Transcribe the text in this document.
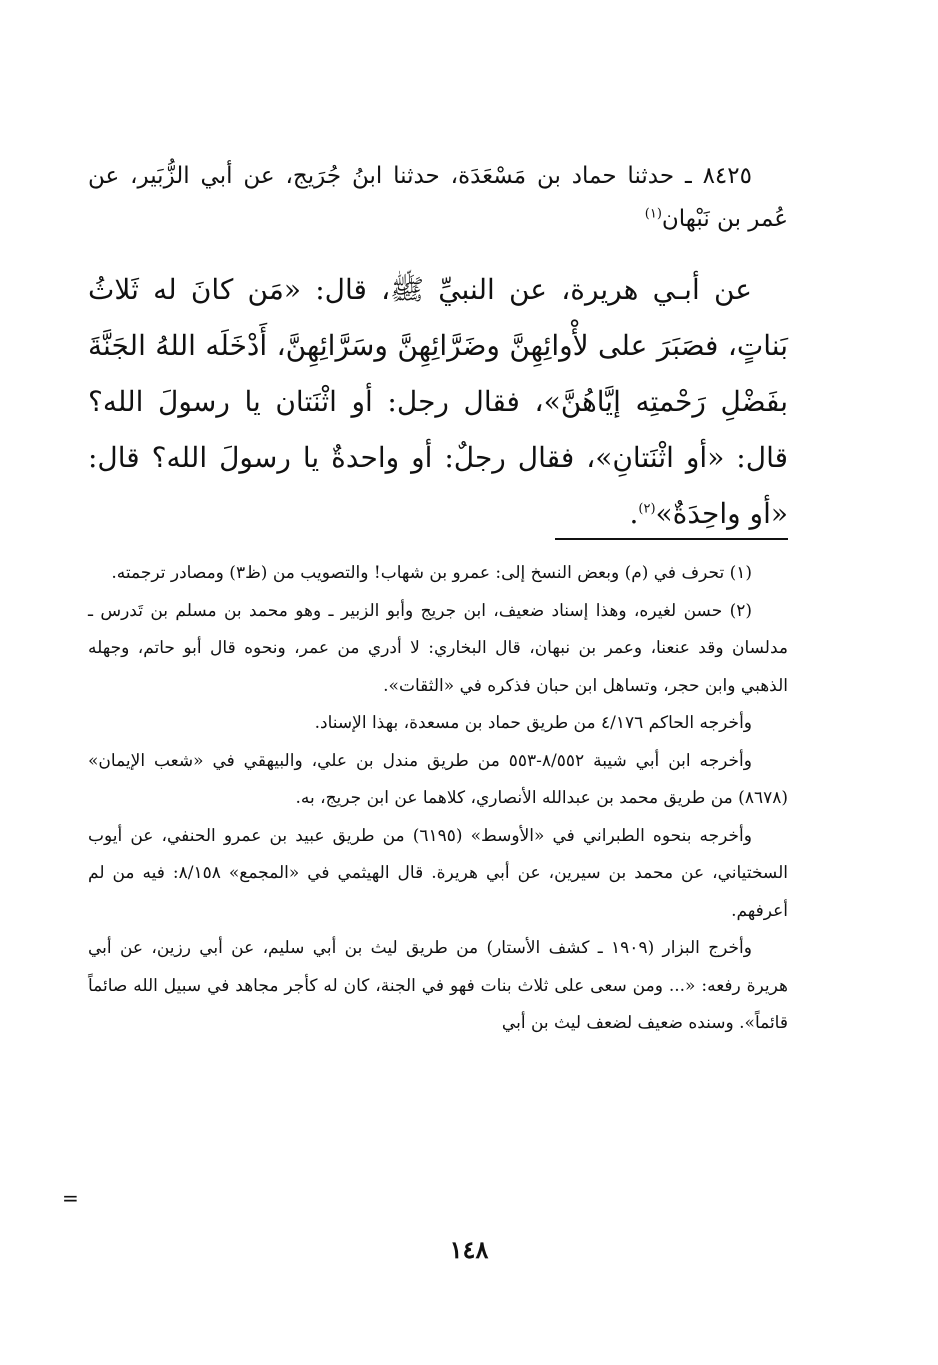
٨٤٢٥ ـ حدثنا حماد بن مَسْعَدَة، حدثنا ابنُ جُرَيج، عن أبي الزُّبَير، عن عُمر بن نَبْهان$^{(١)}$
عن أبـي هريرة، عن النبيِّ ﷺ، قال: «مَن كانَ له ثَلاثُ بَناتٍ، فصَبَرَ على لأْوائِهِنَّ وضَرَّائِهِنَّ وسَرَّائِهِنَّ، أَدْخَلَه اللهُ الجَنَّةَ بفَضْلِ رَحْمتِه إيَّاهُنَّ»، فقال رجل: أو اثْنَتان يا رسولَ الله؟ قال: «أو اثْنَتانِ»، فقال رجلٌ: أو واحدةٌ يا رسولَ الله؟ قال: «أو واحِدَةٌ»$^{(٢)}$.

(١) تحرف في (م) وبعض النسخ إلى: عمرو بن شهاب! والتصويب من (ظ٣) ومصادر ترجمته.

(٢) حسن لغيره، وهذا إسناد ضعيف، ابن جريج وأبو الزبير ـ وهو محمد بن مسلم بن تَدرس ـ مدلسان وقد عنعنا، وعمر بن نبهان، قال البخاري: لا أدري من عمر، ونحوه قال أبو حاتم، وجهله الذهبي وابن حجر، وتساهل ابن حبان فذكره في «الثقات».

وأخرجه الحاكم ٤/١٧٦ من طريق حماد بن مسعدة، بهذا الإسناد.

وأخرجه ابن أبي شيبة ٨/٥٥٢-٥٥٣ من طريق مندل بن علي، والبيهقي في «شعب الإيمان» (٨٦٧٨) من طريق محمد بن عبدالله الأنصاري، كلاهما عن ابن جريج، به.

وأخرجه بنحوه الطبراني في «الأوسط» (٦١٩٥) من طريق عبيد بن عمرو الحنفي، عن أيوب السختياني، عن محمد بن سيرين، عن أبي هريرة. قال الهيثمي في «المجمع» ٨/١٥٨: فيه من لم أعرفهم.

وأخرج البزار (١٩٠٩ ـ كشف الأستار) من طريق ليث بن أبي سليم، عن أبي رزين، عن أبي هريرة رفعه: «... ومن سعى على ثلاث بنات فهو في الجنة، كان له كأجر مجاهد في سبيل الله صائماً قائماً». وسنده ضعيف لضعف ليث بن أبي

=
١٤٨
